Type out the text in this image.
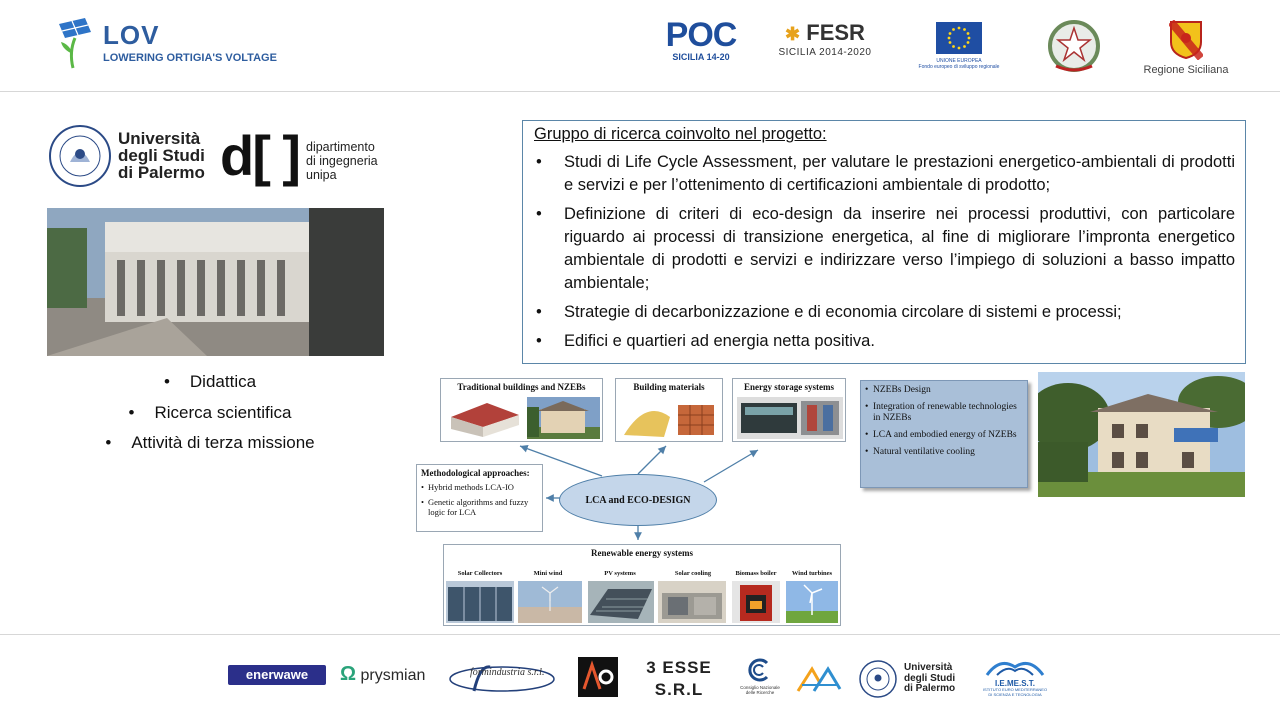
LOV
LOWERING ORTIGIA'S VOLTAGE
POC
SICILIA 14-20
✱ FESR
SICILIA 2014-2020
UNIONE EUROPEA
Fondo europeo di sviluppo regionale	Regione Siciliana
Università
degli Studi
di Palermo d[ ] dipartimento
di ingegneria
unipa
• Didattica
• Ricerca scientifica
• Attività di terza missione
Gruppo di ricerca coinvolto nel progetto:
• Studi di Life Cycle Assessment, per valutare le prestazioni energetico-ambientali di prodotti e servizi e per l’ottenimento di certificazioni ambientale di prodotto;
• Definizione di criteri di eco-design da inserire nei processi produttivi, con particolare riguardo ai processi di transizione energetica, al fine di migliorare l’impronta energetico ambientale di prodotti e servizi e indirizzare verso l’impiego di soluzioni a basso impatto ambientale;
• Strategie di decarbonizzazione e di economia circolare di sistemi e processi;
• Edifici e quartieri ad energia netta positiva.
Traditional buildings and NZEBs	Building materials	Energy storage systems
Methodological approaches:
• Hybrid methods LCA-IO
• Genetic algorithms and fuzzy logic for LCA
LCA and ECO-DESIGN
Renewable energy systems
Solar Collectors	Mini wind	PV systems	Solar cooling	Biomass boiler	Wind turbines
• NZEBs Design
• Integration of renewable technologies in NZEBs
• LCA and embodied energy of NZEBs
• Natural ventilative cooling
enerwawe	Ω prysmian	formindustria s.r.l.	3 ESSE
S.R.L	Consiglio Nazionale
delle Ricerche
Università
degli Studi
di Palermo	I.E.ME.S.T.
ISTITUTO EURO MEDITERRANEO
DI SCIENZA E TECNOLOGIA
